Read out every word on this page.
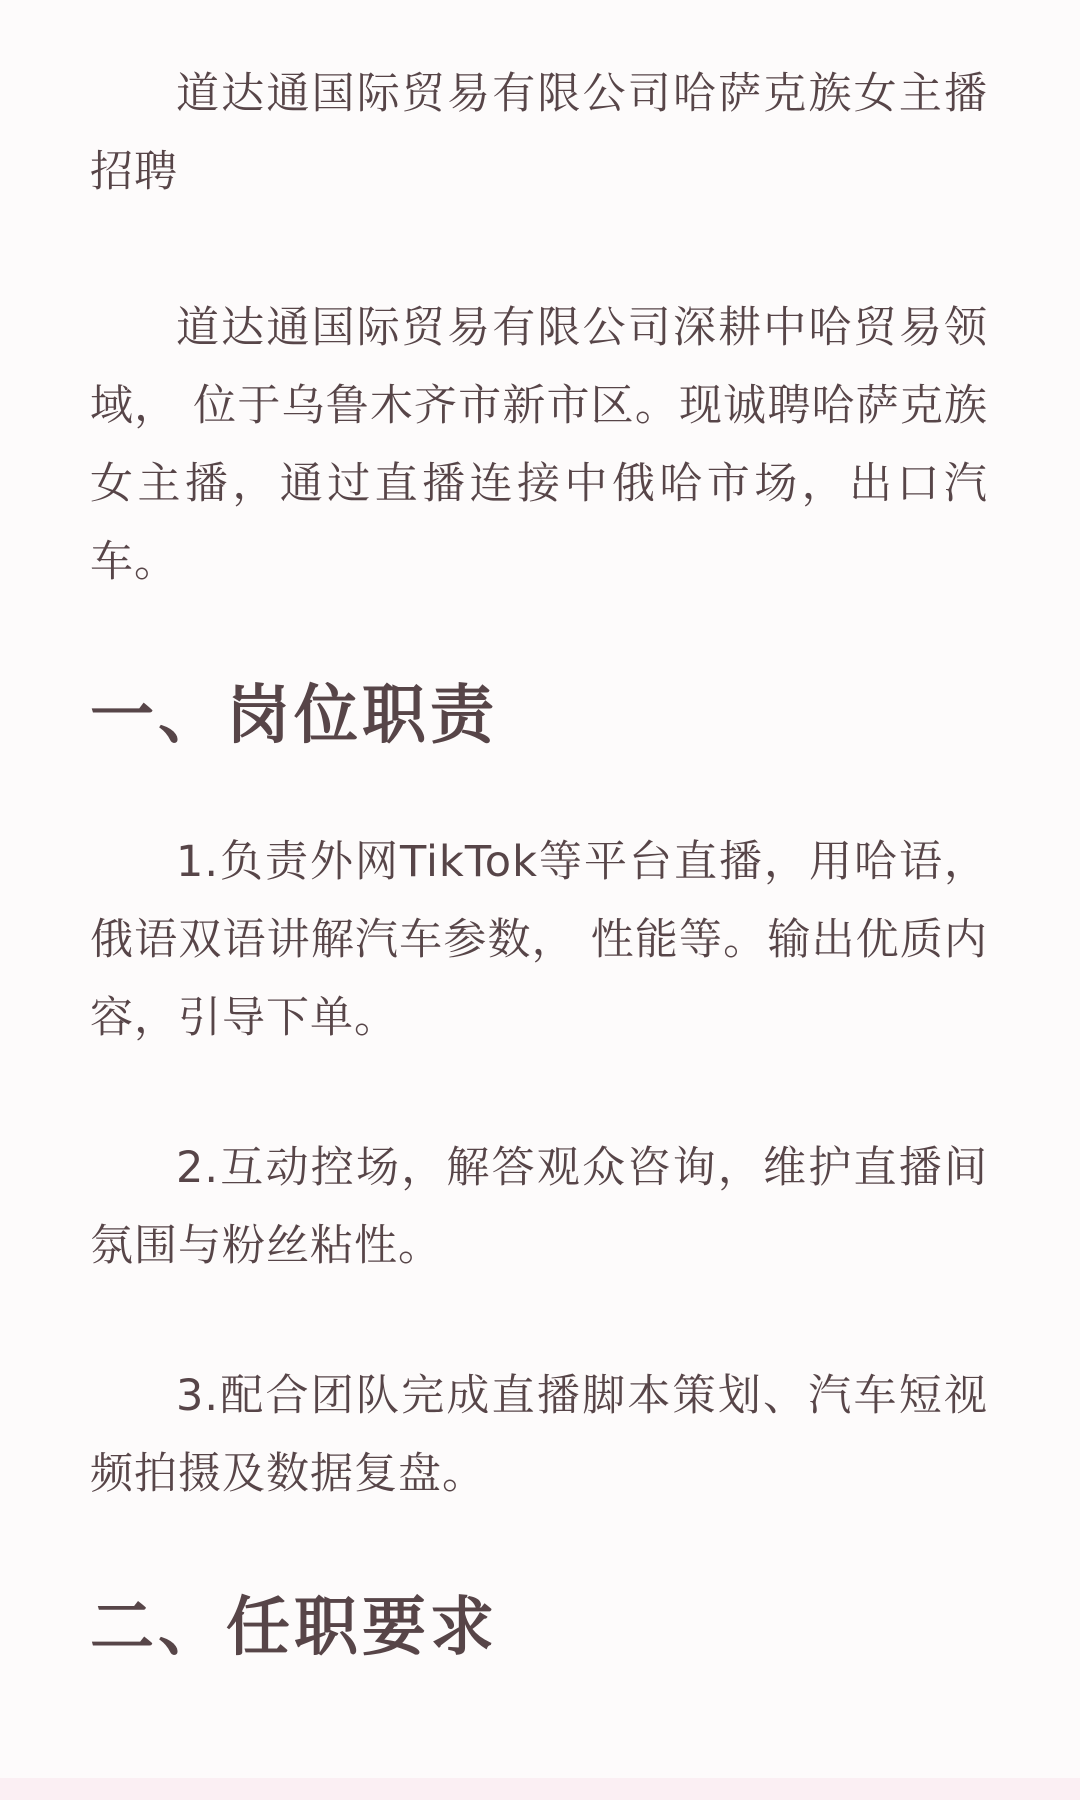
道达通国际贸易有限公司哈萨克族女主播招聘

道达通国际贸易有限公司深耕中哈贸易领域， 位于乌鲁木齐市新市区。现诚聘哈萨克族女主播，通过直播连接中俄哈市场，出口汽车。

一、岗位职责

1.负责外网TikTok等平台直播，用哈语，俄语双语讲解汽车参数， 性能等。输出优质内容，引导下单。

2.互动控场，解答观众咨询，维护直播间氛围与粉丝粘性。

3.配合团队完成直播脚本策划、汽车短视频拍摄及数据复盘。

二、任职要求
